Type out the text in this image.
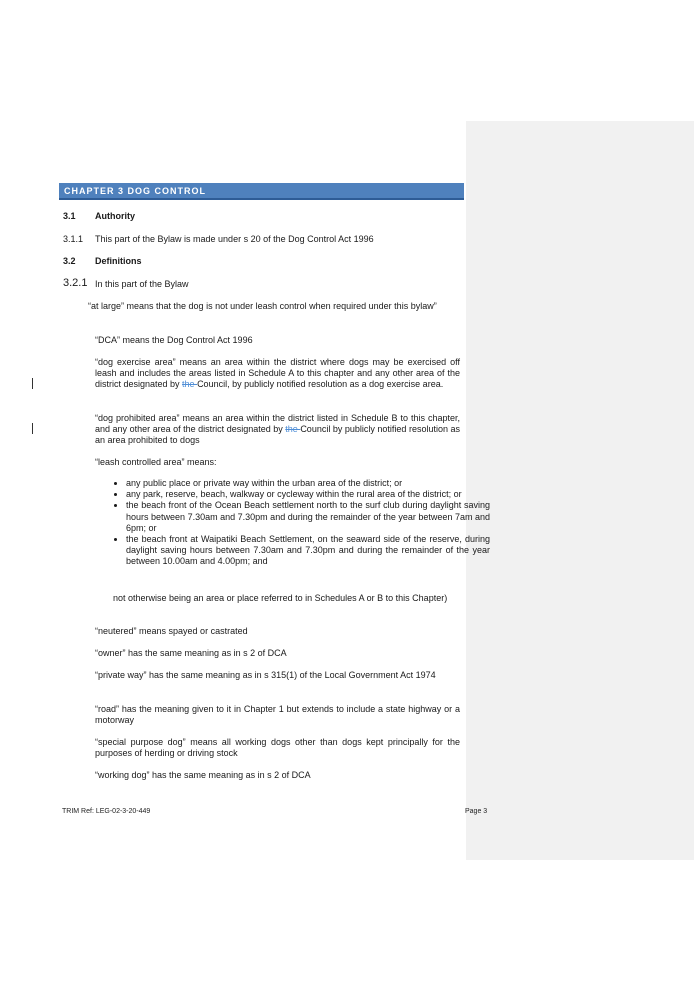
CHAPTER 3 DOG CONTROL
3.1 Authority
3.1.1 This part of the Bylaw is made under s 20 of the Dog Control Act 1996
3.2 Definitions
3.2.1 In this part of the Bylaw
“at large” means that the dog is not under leash control when required under this bylaw”
“DCA” means the Dog Control Act 1996
“dog exercise area” means an area within the district where dogs may be exercised off leash and includes the areas listed in Schedule A to this chapter and any other area of the district designated by the Council, by publicly notified resolution as a dog exercise area.
“dog prohibited area” means an area within the district listed in Schedule B to this chapter, and any other area of the district designated by the Council by publicly notified resolution as an area prohibited to dogs
“leash controlled area” means:
• any public place or private way within the urban area of the district; or
• any park, reserve, beach, walkway or cycleway within the rural area of the district; or
• the beach front of the Ocean Beach settlement north to the surf club during daylight saving hours between 7.30am and 7.30pm and during the remainder of the year between 7am and 6pm; or
• the beach front at Waipatiki Beach Settlement, on the seaward side of the reserve, during daylight saving hours between 7.30am and 7.30pm and during the remainder of the year between 10.00am and 4.00pm; and
not otherwise being an area or place referred to in Schedules A or B to this Chapter)
“neutered” means spayed or castrated
“owner” has the same meaning as in s 2 of DCA
“private way” has the same meaning as in s 315(1) of the Local Government Act 1974
“road” has the meaning given to it in Chapter 1 but extends to include a state highway or a motorway
“special purpose dog” means all working dogs other than dogs kept principally for the purposes of herding or driving stock
“working dog” has the same meaning as in s 2 of DCA
TRIM Ref: LEG-02-3-20-449	Page 3
